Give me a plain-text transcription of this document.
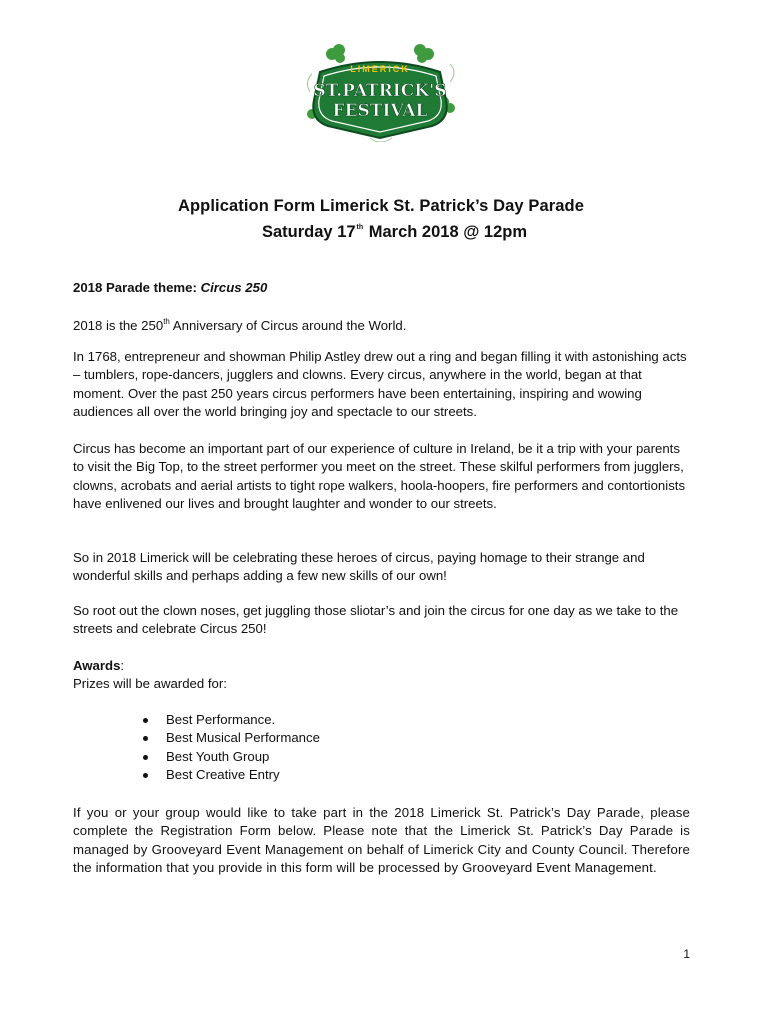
LIMERICK
ST.PATRICK'S
FESTIVAL
Application Form Limerick St. Patrick’s Day Parade
Saturday 17th March 2018 @ 12pm

2018 Parade theme: Circus 250

2018 is the 250th Anniversary of Circus around the World.

In 1768, entrepreneur and showman Philip Astley drew out a ring and began filling it with astonishing acts – tumblers, rope-dancers, jugglers and clowns. Every circus, anywhere in the world, began at that moment. Over the past 250 years circus performers have been entertaining, inspiring and wowing audiences all over the world bringing joy and spectacle to our streets.

Circus has become an important part of our experience of culture in Ireland, be it a trip with your parents to visit the Big Top, to the street performer you meet on the street. These skilful performers from jugglers, clowns, acrobats and aerial artists to tight rope walkers, hoola-hoopers, fire performers and contortionists have enlivened our lives and brought laughter and wonder to our streets.

So in 2018 Limerick will be celebrating these heroes of circus, paying homage to their strange and wonderful skills and perhaps adding a few new skills of our own!

So root out the clown noses, get juggling those sliotar’s and join the circus for one day as we take to the streets and celebrate Circus 250!

Awards:
Prizes will be awarded for:

Best Performance.
Best Musical Performance
Best Youth Group
Best Creative Entry

If you or your group would like to take part in the 2018 Limerick St. Patrick’s Day Parade, please complete the Registration Form below. Please note that the Limerick St. Patrick’s Day Parade is managed by Grooveyard Event Management on behalf of Limerick City and County Council. Therefore the information that you provide in this form will be processed by Grooveyard Event Management.

1
